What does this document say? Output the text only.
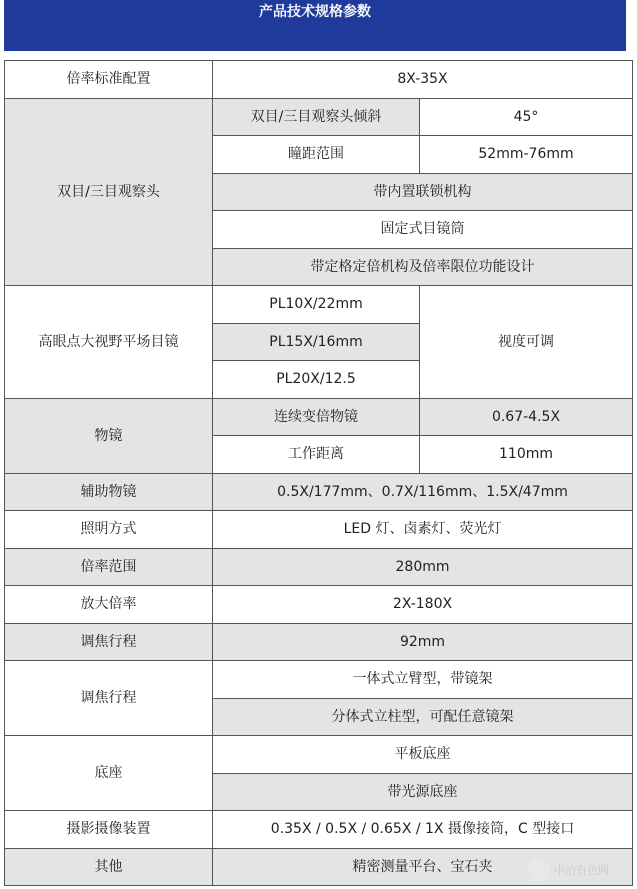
产品技术规格参数
倍率标准配置	8X-35X	
双目/三目观察头	双目/三目观察头倾斜	45°
	瞳距范围	52mm-76mm
	带内置联锁机构	
	固定式目镜筒	
	带定格定倍机构及倍率限位功能设计	
高眼点大视野平场目镜	PL10X/22mm	视度可调
	PL15X/16mm	
	PL20X/12.5	
物镜	连续变倍物镜	0.67-4.5X
	工作距离	110mm
辅助物镜	0.5X/177mm、0.7X/116mm、1.5X/47mm	
照明方式	LED 灯、卤素灯、荧光灯	
倍率范围	280mm	
放大倍率	2X-180X	
调焦行程	92mm	
调焦行程	一体式立臂型，带镜架	
	分体式立柱型，可配任意镜架	
底座	平板底座	
	带光源底座	
摄影摄像装置	0.35X / 0.5X / 0.65X / 1X 摄像接筒，C 型接口	
其他	精密测量平台、宝石夹		中冶有色网
